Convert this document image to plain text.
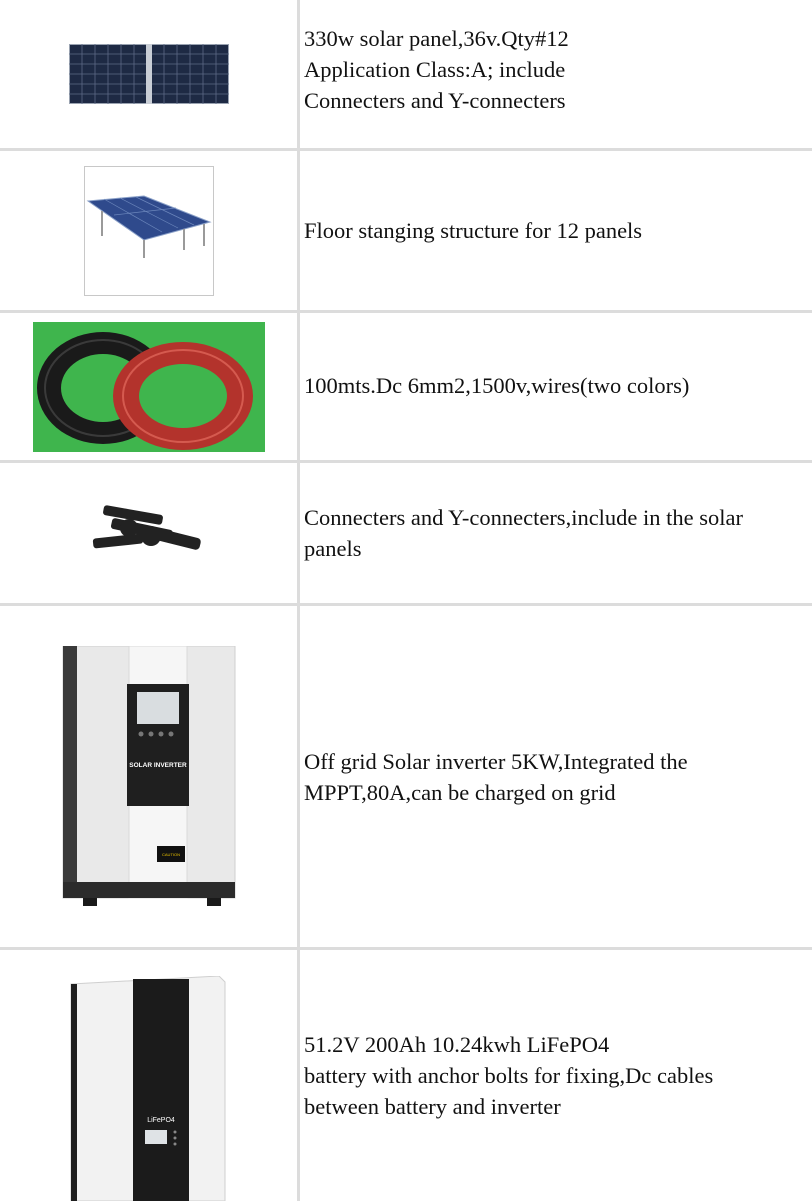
330w solar panel,36v.Qty#12
Application Class:A; include
Connecters and Y-connecters

Floor stanging structure for 12 panels

100mts.Dc 6mm2,1500v,wires(two colors)

Connecters and Y-connecters,include in the solar
panels

SOLAR INVERTER
CAUTION

Off grid Solar inverter 5KW,Integrated the
MPPT,80A,can be charged on grid

LiFePO4

51.2V 200Ah 10.24kwh LiFePO4
battery with anchor bolts for fixing,Dc cables
between battery and inverter
